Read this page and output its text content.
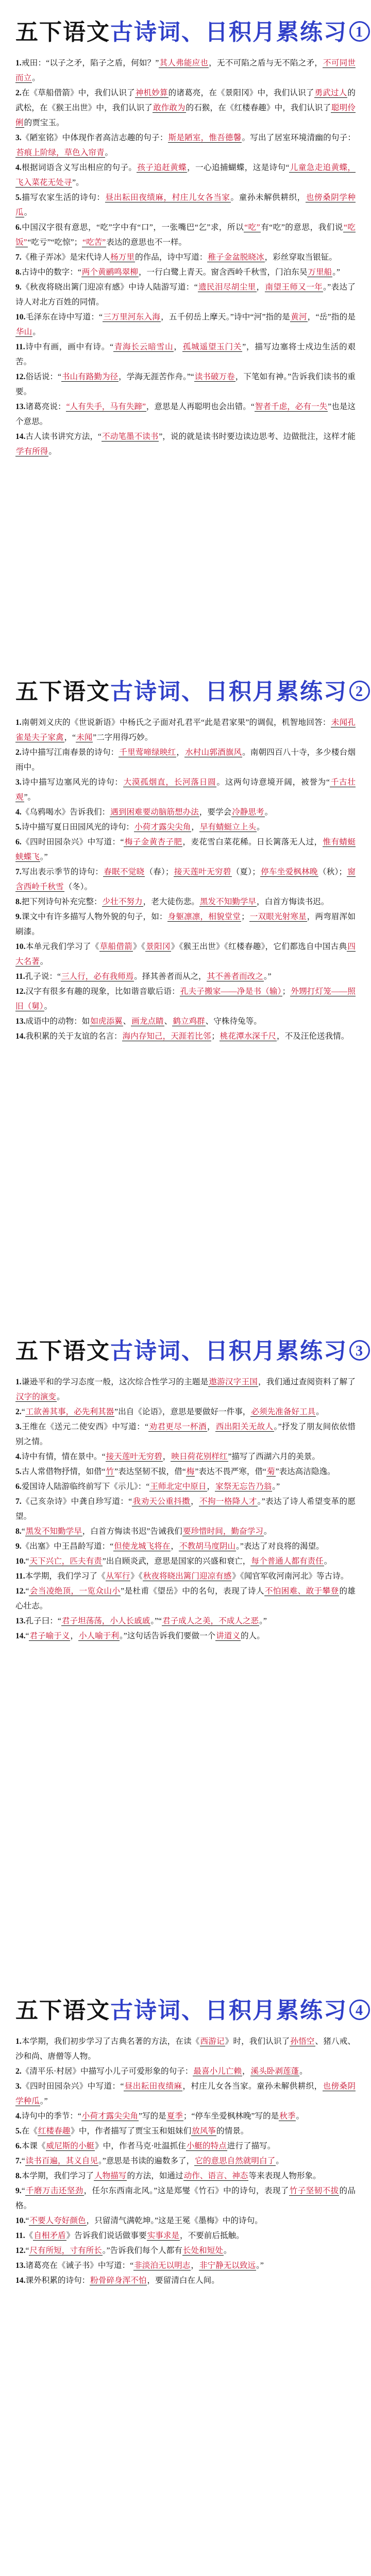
五下语文古诗词、日积月累练习 1

1.戒田：“以子之矛，陷子之盾，何如？”其人弗能应也，无不可陷之盾与无不陷之矛，不可同世而立。

2.在《草船借箭》中，我们认识了神机妙算的诸葛亮，在《景阳冈》中，我们认识了勇武过人的武松，在《猴王出世》中，我们认识了敢作敢为的石猴，在《红楼春趣》中，我们认识了聪明伶俐的贾宝玉。

3.《陋室铭》中体现作者高洁志趣的句子：斯是陋室，惟吾德馨。写出了居室环境清幽的句子：苔痕上阶绿，草色入帘青。

4.根据词语含义写出相应的句子。孩子追赶黄蝶，一心追捕蝴蝶，这是诗句“儿童急走追黄蝶，飞入菜花无处寻”。

5.描写农家生活的诗句：昼出耘田夜绩麻，村庄儿女各当家。童孙未解供耕织，也傍桑阴学种瓜。

6.中国汉字很有意思，“吃”字中有“口”，一张嘴巴“乞”求，所以“吃”有“吃”的意思，我们说“吃饭”“吃亏”“吃惊”；“吃苦”表达的意思也不一样。

7.《稚子弄冰》是宋代诗人杨万里的作品，诗中写道：稚子金盆脱晓冰，彩丝穿取当银钲。

8.古诗中的数字：“两个黄鹂鸣翠柳，一行白鹭上青天。窗含西岭千秋雪，门泊东吴万里船。”

9.《秋夜将晓出篱门迎凉有感》中诗人陆游写道：“遗民泪尽胡尘里，南望王师又一年。”表达了诗人对北方百姓的同情。

10.毛泽东在诗中写道：“三万里河东入海，五千仞岳上摩天。”诗中“河”指的是黄河，“岳”指的是华山。

11.诗中有画，画中有诗。“青海长云暗雪山，孤城遥望玉门关”，描写边塞将士戍边生活的艰苦。

12.俗话说：“书山有路勤为径，学海无涯苦作舟。”“读书破万卷，下笔如有神。”告诉我们读书的重要。

13.诸葛亮说：“人有失手，马有失蹄”，意思是人再聪明也会出错。“智者千虑，必有一失”也是这个意思。

14.古人读书讲究方法，“不动笔墨不读书”，说的就是读书时要边读边思考、边做批注，这样才能学有所得。

五下语文古诗词、日积月累练习 2

1.南朝刘义庆的《世说新语》中杨氏之子面对孔君平“此是君家果”的调侃，机智地回答：未闻孔雀是夫子家禽，“未闻”二字用得巧妙。

2.诗中描写江南春景的诗句：千里莺啼绿映红，水村山郭酒旗风。南朝四百八十寺，多少楼台烟雨中。

3.诗中描写边塞风光的诗句：大漠孤烟直，长河落日圆。这两句诗意境开阔，被誉为“千古壮观”。

4.《乌鸦喝水》告诉我们：遇到困难要动脑筋想办法，要学会冷静思考。

5.诗中描写夏日田园风光的诗句：小荷才露尖尖角，早有蜻蜓立上头。

6.《四时田园杂兴》中写道：“梅子金黄杏子肥，麦花雪白菜花稀。日长篱落无人过，惟有蜻蜓蛱蝶飞。”

7.写出表示季节的诗句：春眠不觉晓（春）；接天莲叶无穷碧（夏）；停车坐爱枫林晚（秋）；窗含西岭千秋雪（冬）。

8.把下列诗句补充完整：少壮不努力，老大徒伤悲。黑发不知勤学早，白首方悔读书迟。

9.课文中有许多描写人物外貌的句子，如：身躯凛凛，相貌堂堂；一双眼光射寒星，两弯眉浑如刷漆。

10.本单元我们学习了《草船借箭》《景阳冈》《猴王出世》《红楼春趣》，它们都选自中国古典四大名著。

11.孔子说：“三人行，必有我师焉。择其善者而从之，其不善者而改之。”

12.汉字有很多有趣的现象，比如谐音歇后语：孔夫子搬家——净是书（输）；外甥打灯笼——照旧（舅）。

13.成语中的动物：如如虎添翼、画龙点睛、鹤立鸡群、守株待兔等。

14.我积累的关于友谊的名言：海内存知己，天涯若比邻；桃花潭水深千尺，不及汪伦送我情。

五下语文古诗词、日积月累练习 3

1.谦逊平和的学习态度一般，这次综合性学习的主题是遨游汉字王国，我们通过查阅资料了解了汉字的演变。

2.“工欲善其事，必先利其器”出自《论语》，意思是要做好一件事，必须先准备好工具。

3.王维在《送元二使安西》中写道：“劝君更尽一杯酒，西出阳关无故人。”抒发了朋友间依依惜别之情。

4.诗中有情，情在景中。“接天莲叶无穷碧，映日荷花别样红”描写了西湖六月的美景。

5.古人常借物抒情，如借“竹”表达坚韧不拔，借“梅”表达不畏严寒，借“菊”表达高洁隐逸。

6.爱国诗人陆游临终前写下《示儿》：“王师北定中原日，家祭无忘告乃翁。”

7.《己亥杂诗》中龚自珍写道：“我劝天公重抖擞，不拘一格降人才。”表达了诗人希望变革的愿望。

8.“黑发不知勤学早，白首方悔读书迟”告诫我们要珍惜时间，勤奋学习。

9.《出塞》中王昌龄写道：“但使龙城飞将在，不教胡马度阴山。”表达了对良将的渴望。

10.“天下兴亡，匹夫有责”出自顾炎武，意思是国家的兴盛和衰亡，每个普通人都有责任。

11.本学期，我们学习了《从军行》《秋夜将晓出篱门迎凉有感》《闻官军收河南河北》等古诗。

12.“会当凌绝顶，一览众山小”是杜甫《望岳》中的名句，表现了诗人不怕困难、敢于攀登的雄心壮志。

13.孔子曰：“君子坦荡荡，小人长戚戚。”“君子成人之美，不成人之恶。”

14.“君子喻于义，小人喻于利。”这句话告诉我们要做一个讲道义的人。

五下语文古诗词、日积月累练习 4

1.本学期，我们初步学习了古典名著的方法，在读《西游记》时，我们认识了孙悟空、猪八戒、沙和尚、唐僧等人物。

2.《清平乐·村居》中描写小儿子可爱形象的句子：最喜小儿亡赖，溪头卧剥莲蓬。

3.《四时田园杂兴》中写道：“昼出耘田夜绩麻，村庄儿女各当家。童孙未解供耕织，也傍桑阴学种瓜。”

4.诗句中的季节：“小荷才露尖尖角”写的是夏季；“停车坐爱枫林晚”写的是秋季。

5.在《红楼春趣》中，作者描写了贾宝玉和姐妹们放风筝的情景。

6.本课《威尼斯的小艇》中，作者马克·吐温抓住小艇的特点进行了描写。

7.“读书百遍，其义自见。”意思是书读的遍数多了，它的意思自然就明白了。

8.本学期，我们学习了人物描写的方法，如通过动作、语言、神态等来表现人物形象。

9.“千磨万击还坚劲，任尔东西南北风。”这是郑燮《竹石》中的诗句，表现了竹子坚韧不拔的品格。

10.“不要人夸好颜色，只留清气满乾坤。”这是王冕《墨梅》中的诗句。

11.《自相矛盾》告诉我们说话做事要实事求是，不要前后抵触。

12.“尺有所短，寸有所长。”告诉我们每个人都有长处和短处。

13.诸葛亮在《诫子书》中写道：“非淡泊无以明志，非宁静无以致远。”

14.课外积累的诗句：粉骨碎身浑不怕，要留清白在人间。
